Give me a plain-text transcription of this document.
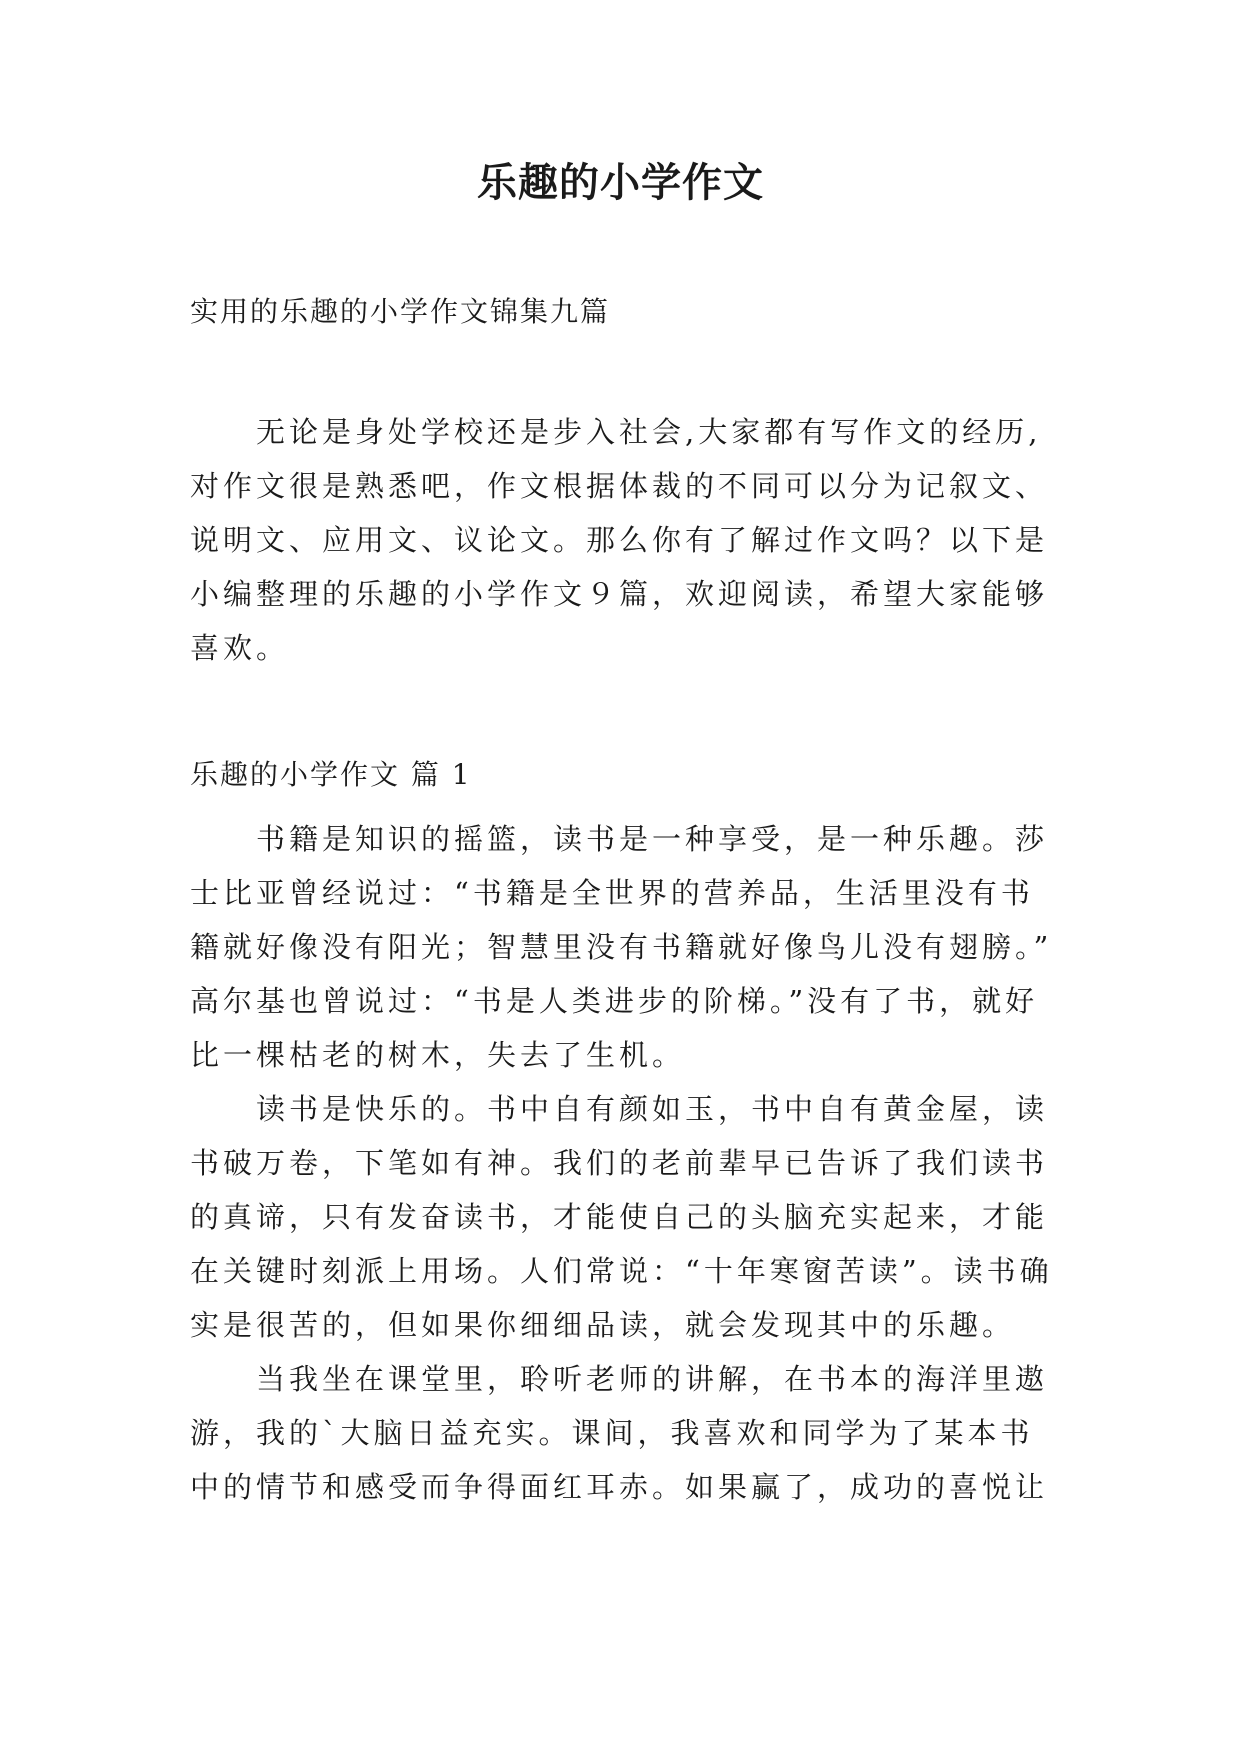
乐趣的小学作文

实用的乐趣的小学作文锦集九篇

无论是身处学校还是步入社会,大家都有写作文的经历,
对作文很是熟悉吧，作文根据体裁的不同可以分为记叙文、
说明文、应用文、议论文。那么你有了解过作文吗？以下是
小编整理的乐趣的小学作文９篇，欢迎阅读，希望大家能够
喜欢。

乐趣的小学作文 篇 1

书籍是知识的摇篮，读书是一种享受，是一种乐趣。莎
士比亚曾经说过：“书籍是全世界的营养品，生活里没有书
籍就好像没有阳光；智慧里没有书籍就好像鸟儿没有翅膀。”
高尔基也曾说过：“书是人类进步的阶梯。”没有了书，就好
比一棵枯老的树木，失去了生机。
读书是快乐的。书中自有颜如玉，书中自有黄金屋，读
书破万卷，下笔如有神。我们的老前辈早已告诉了我们读书
的真谛，只有发奋读书，才能使自己的头脑充实起来，才能
在关键时刻派上用场。人们常说：“十年寒窗苦读”。读书确
实是很苦的，但如果你细细品读，就会发现其中的乐趣。
当我坐在课堂里，聆听老师的讲解，在书本的海洋里遨
游，我的`大脑日益充实。课间，我喜欢和同学为了某本书
中的情节和感受而争得面红耳赤。如果赢了，成功的喜悦让
